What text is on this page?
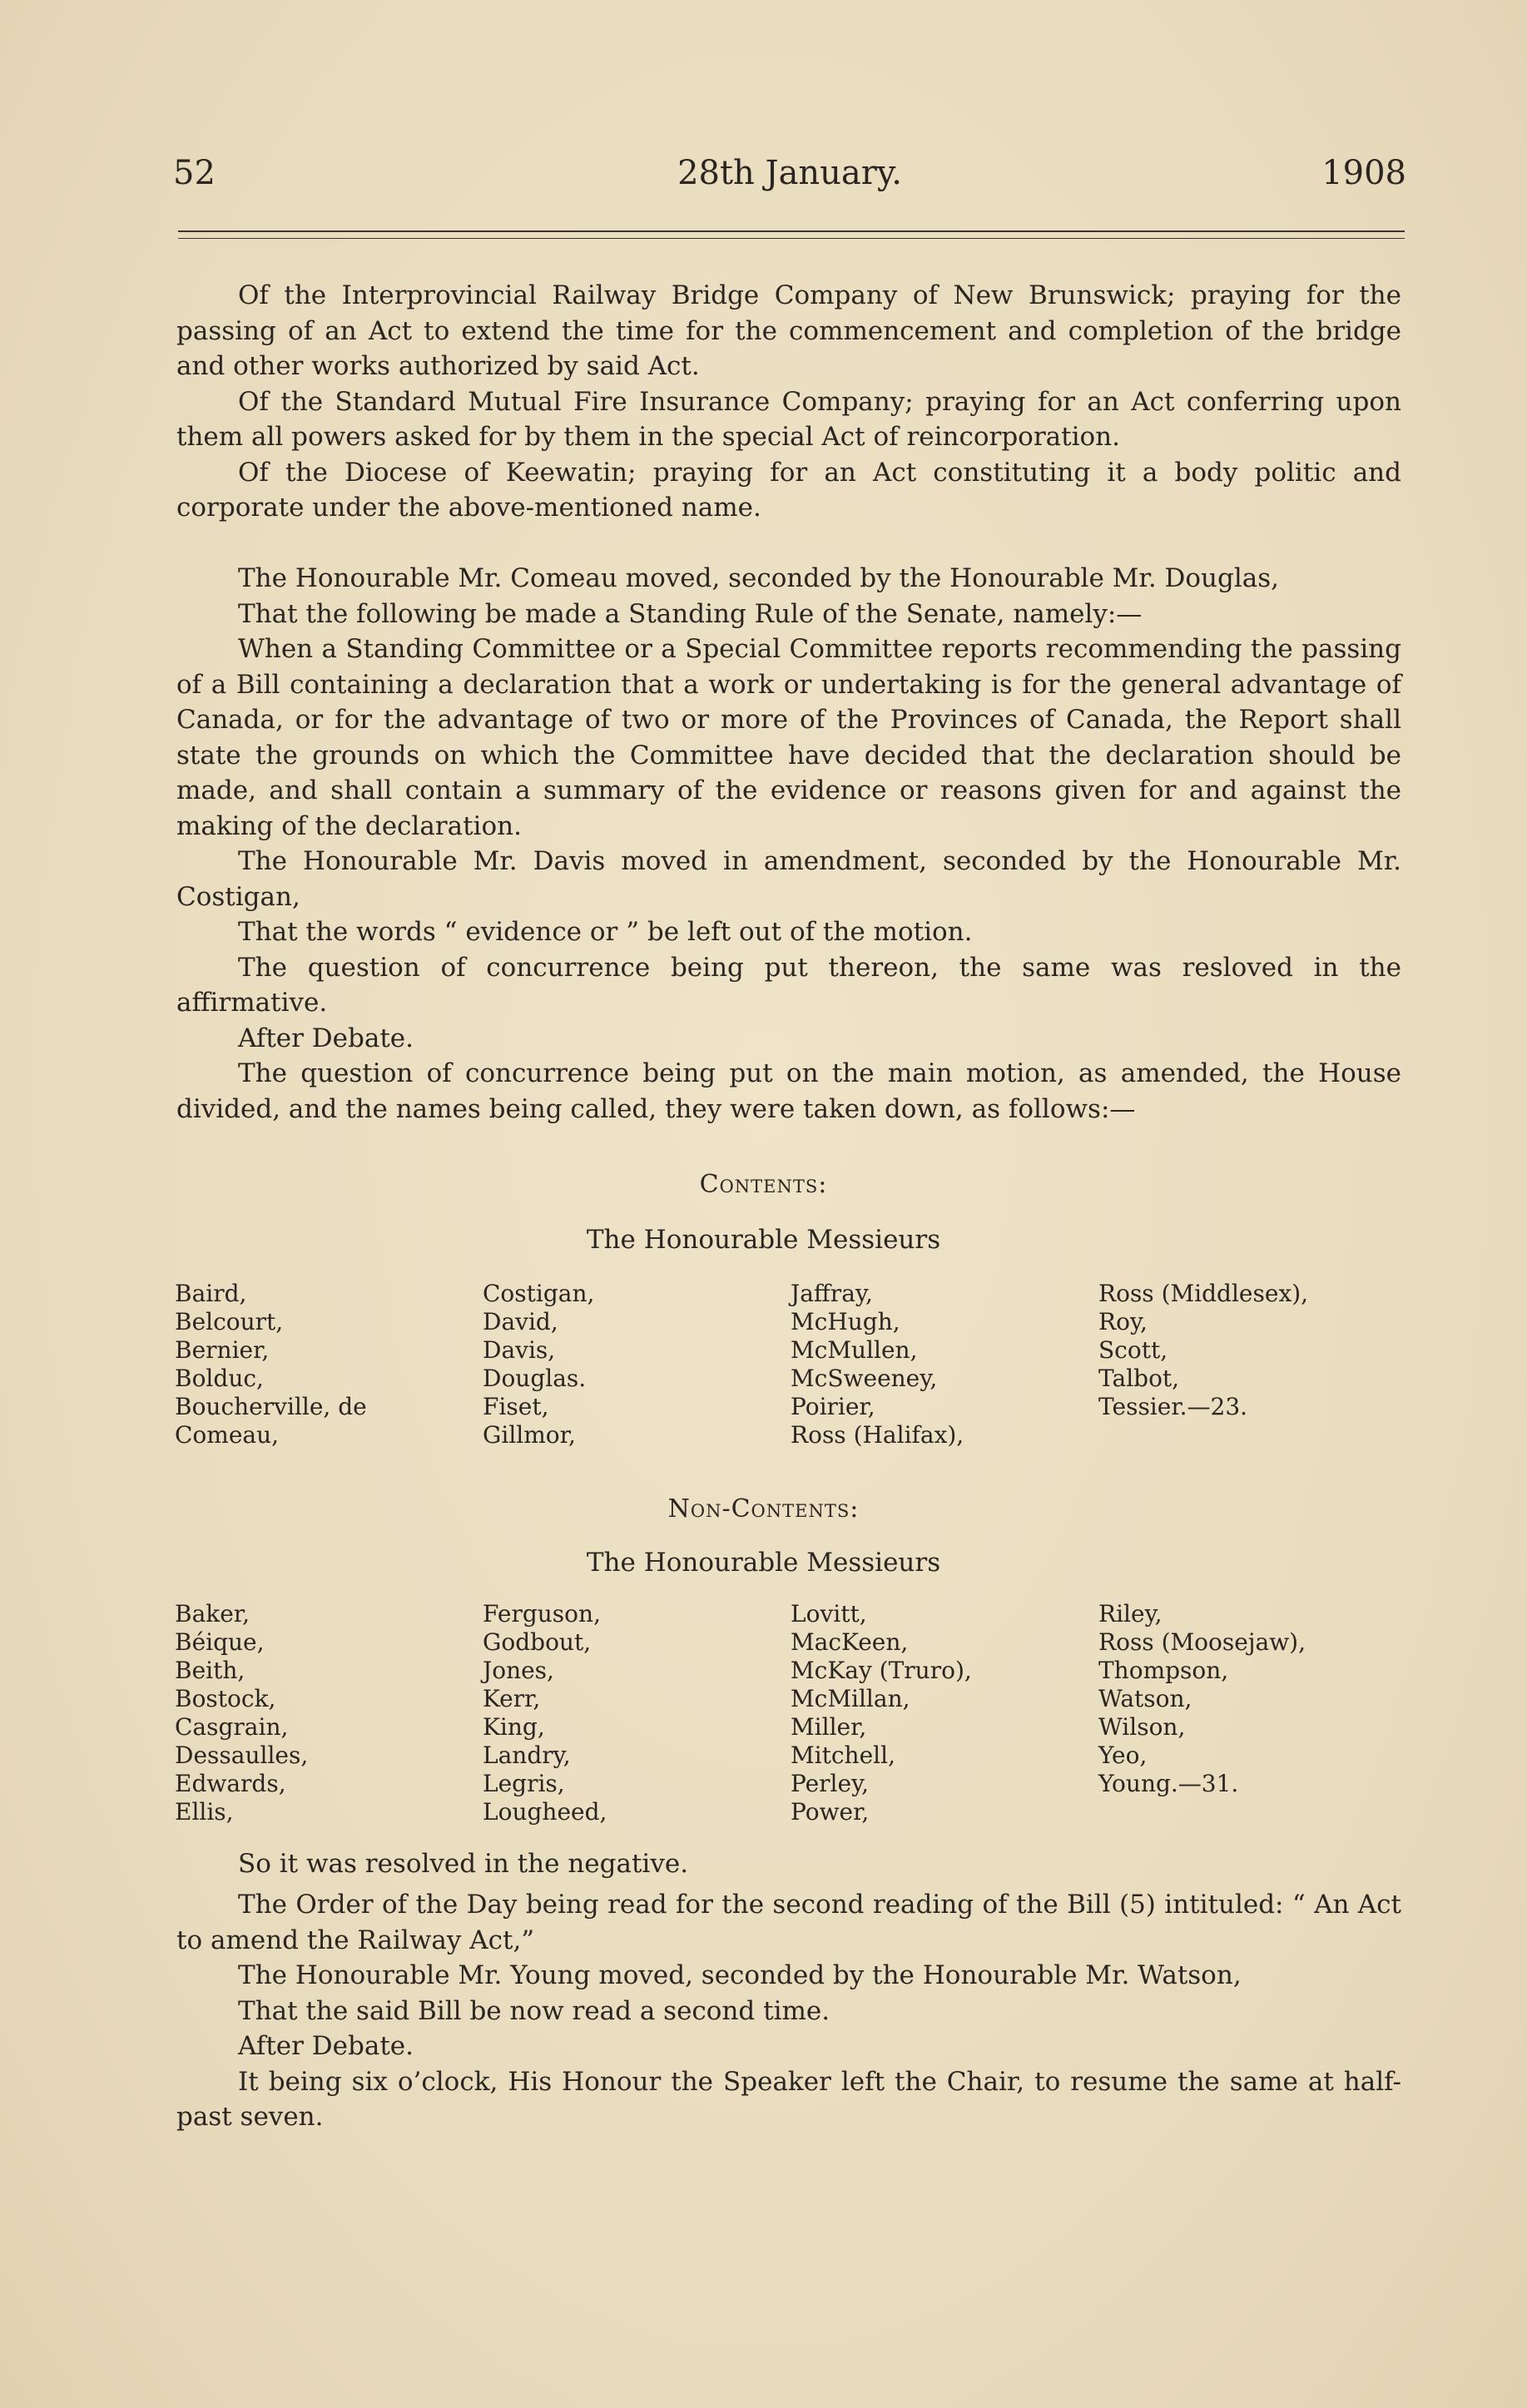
52	28th January.	1908

Of the Interprovincial Railway Bridge Company of New Brunswick; praying for the passing of an Act to extend the time for the commencement and completion of the bridge and other works authorized by said Act.

Of the Standard Mutual Fire Insurance Company; praying for an Act conferring upon them all powers asked for by them in the special Act of reincorporation.

Of the Diocese of Keewatin; praying for an Act constituting it a body politic and corporate under the above-mentioned name.

The Honourable Mr. Comeau moved, seconded by the Honourable Mr. Douglas,

That the following be made a Standing Rule of the Senate, namely:—

When a Standing Committee or a Special Committee reports recommending the passing of a Bill containing a declaration that a work or undertaking is for the general advantage of Canada, or for the advantage of two or more of the Provinces of Canada, the Report shall state the grounds on which the Committee have decided that the declaration should be made, and shall contain a summary of the evidence or reasons given for and against the making of the declaration.

The Honourable Mr. Davis moved in amendment, seconded by the Honourable Mr. Costigan,

That the words “ evidence or ” be left out of the motion.

The question of concurrence being put thereon, the same was resloved in the affirmative.

After Debate.

The question of concurrence being put on the main motion, as amended, the House divided, and the names being called, they were taken down, as follows:—

Contents:
The Honourable Messieurs
Baird,
Belcourt,
Bernier,
Bolduc,
Boucherville, de
Comeau,
Costigan,
David,
Davis,
Douglas.
Fiset,
Gillmor,
Jaffray,
McHugh,
McMullen,
McSweeney,
Poirier,
Ross (Halifax),
Ross (Middlesex),
Roy,
Scott,
Talbot,
Tessier.—23.
Non-Contents:
The Honourable Messieurs
Baker,
Béique,
Beith,
Bostock,
Casgrain,
Dessaulles,
Edwards,
Ellis,
Ferguson,
Godbout,
Jones,
Kerr,
King,
Landry,
Legris,
Lougheed,
Lovitt,
MacKeen,
McKay (Truro),
McMillan,
Miller,
Mitchell,
Perley,
Power,
Riley,
Ross (Moosejaw),
Thompson,
Watson,
Wilson,
Yeo,
Young.—31.
So it was resolved in the negative.

The Order of the Day being read for the second reading of the Bill (5) intituled: “ An Act to amend the Railway Act,”

The Honourable Mr. Young moved, seconded by the Honourable Mr. Watson,

That the said Bill be now read a second time.

After Debate.

It being six o’clock, His Honour the Speaker left the Chair, to resume the same at half-past seven.
